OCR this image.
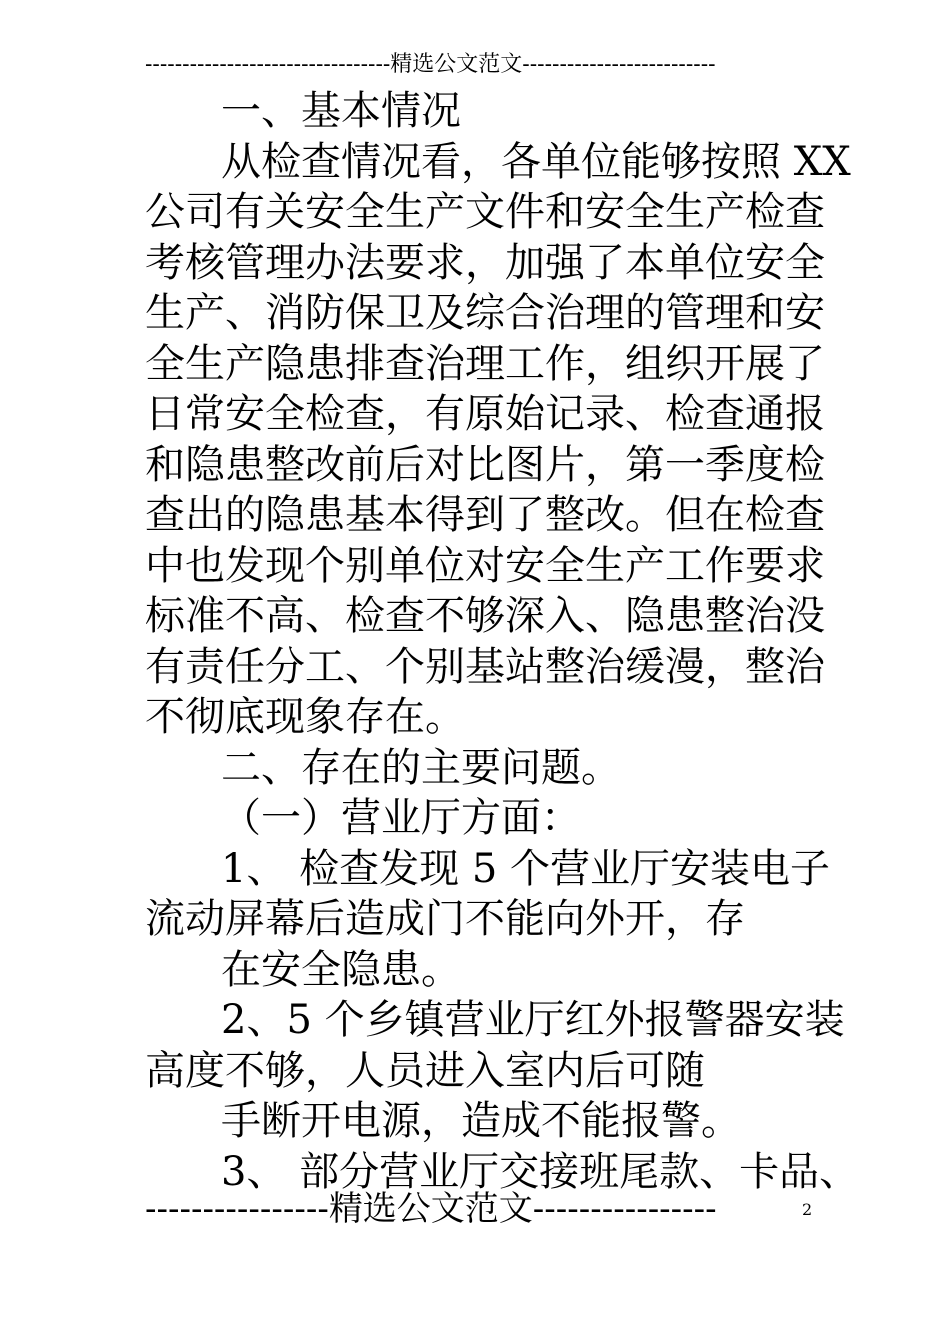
---------------------------------精选公文范文--------------------------
一、基本情况
从检查情况看，各单位能够按照 XX
公司有关安全生产文件和安全生产检查
考核管理办法要求，加强了本单位安全
生产、消防保卫及综合治理的管理和安
全生产隐患排查治理工作，组织开展了
日常安全检查，有原始记录、检查通报
和隐患整改前后对比图片，第一季度检
查出的隐患基本得到了整改。但在检查
中也发现个别单位对安全生产工作要求
标准不高、检查不够深入、隐患整治没
有责任分工、个别基站整治缓漫，整治
不彻底现象存在。
二、存在的主要问题。
（一）营业厅方面：
1、 检查发现 5 个营业厅安装电子
流动屏幕后造成门不能向外开，存
在安全隐患。
2、5 个乡镇营业厅红外报警器安装
高度不够，人员进入室内后可随
手断开电源，造成不能报警。
3、 部分营业厅交接班尾款、卡品、
----------------精选公文范文----------------	2
